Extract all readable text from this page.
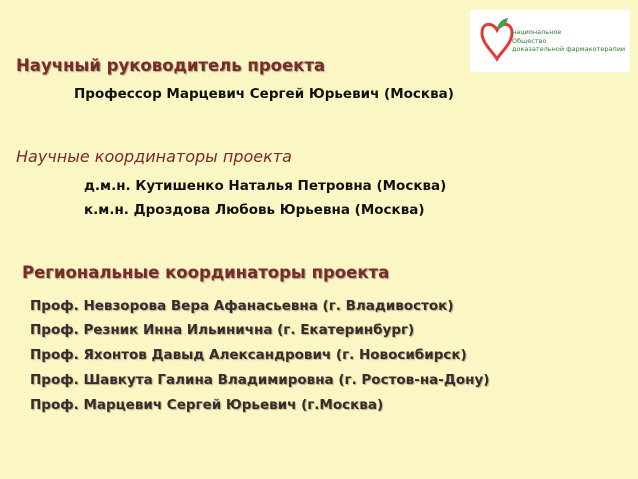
национальное
Общество
доказательной фармакотерапии
Научный руководитель проекта
Профессор Марцевич Сергей Юрьевич (Москва)
Научные координаторы проекта
д.м.н. Кутишенко Наталья Петровна (Москва)
к.м.н. Дроздова Любовь Юрьевна (Москва)
Региональные координаторы проекта
Проф. Невзорова Вера Афанасьевна (г. Владивосток)
Проф. Резник Инна Ильинична (г. Екатеринбург)
Проф. Яхонтов Давыд Александрович (г. Новосибирск)
Проф. Шавкута Галина Владимировна (г. Ростов-на-Дону)
Проф. Марцевич Сергей Юрьевич (г.Москва)
